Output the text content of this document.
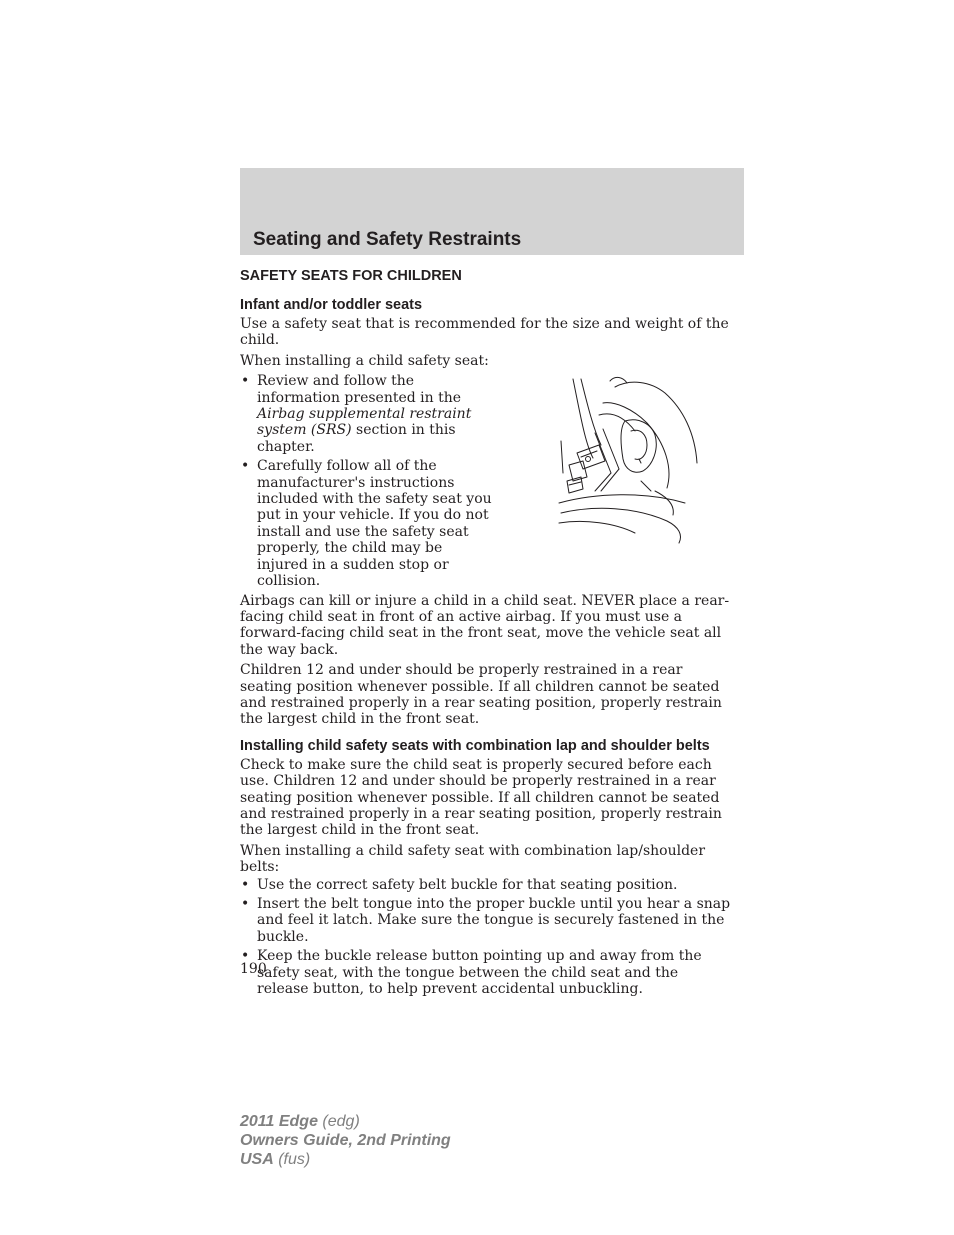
Seating and Safety Restraints
SAFETY SEATS FOR CHILDREN
Infant and/or toddler seats

Use a safety seat that is recommended for the size and weight of the child.

When installing a child safety seat:

• Review and follow the information presented in the Airbag supplemental restraint system (SRS) section in this chapter.
• Carefully follow all of the manufacturer's instructions included with the safety seat you put in your vehicle. If you do not install and use the safety seat properly, the child may be injured in a sudden stop or collision.

Airbags can kill or injure a child in a child seat. NEVER place a rear-facing child seat in front of an active airbag. If you must use a forward-facing child seat in the front seat, move the vehicle seat all the way back.

Children 12 and under should be properly restrained in a rear seating position whenever possible. If all children cannot be seated and restrained properly in a rear seating position, properly restrain the largest child in the front seat.

Installing child safety seats with combination lap and shoulder belts

Check to make sure the child seat is properly secured before each use. Children 12 and under should be properly restrained in a rear seating position whenever possible. If all children cannot be seated and restrained properly in a rear seating position, properly restrain the largest child in the front seat.

When installing a child safety seat with combination lap/shoulder belts:

• Use the correct safety belt buckle for that seating position.
• Insert the belt tongue into the proper buckle until you hear a snap and feel it latch. Make sure the tongue is securely fastened in the buckle.
• Keep the buckle release button pointing up and away from the safety seat, with the tongue between the child seat and the release button, to help prevent accidental unbuckling.

190

2011 Edge (edg)
Owners Guide, 2nd Printing
USA (fus)
